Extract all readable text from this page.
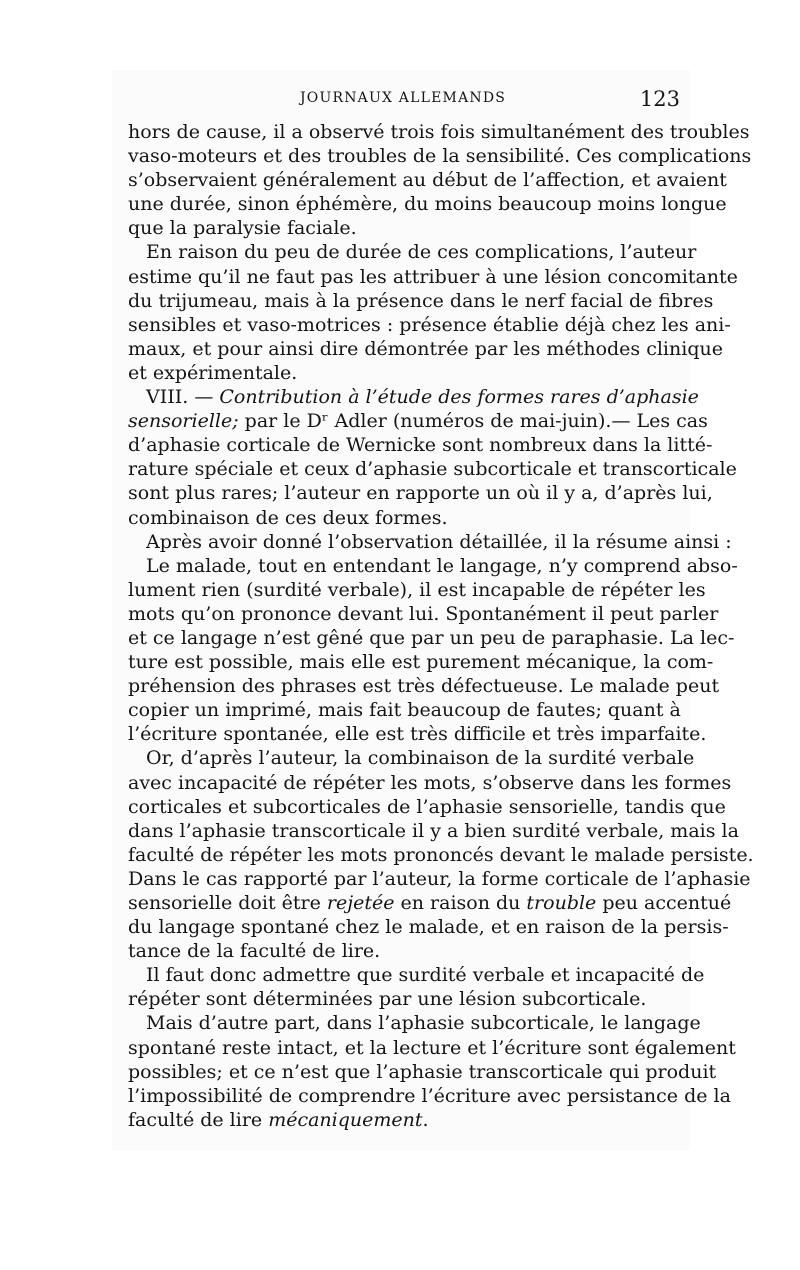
JOURNAUX ALLEMANDS	123
hors de cause, il a observé trois fois simultanément des troubles
vaso-moteurs et des troubles de la sensibilité. Ces complications
s’observaient généralement au début de l’affection, et avaient
une durée, sinon éphémère, du moins beaucoup moins longue
que la paralysie faciale.
En raison du peu de durée de ces complications, l’auteur
estime qu’il ne faut pas les attribuer à une lésion concomitante
du trijumeau, mais à la présence dans le nerf facial de fibres
sensibles et vaso-motrices : présence établie déjà chez les ani-
maux, et pour ainsi dire démontrée par les méthodes clinique
et expérimentale.
VIII. — Contribution à l’étude des formes rares d’aphasie
sensorielle; par le Dʳ Adler (numéros de mai-juin).— Les cas
d’aphasie corticale de Wernicke sont nombreux dans la litté-
rature spéciale et ceux d’aphasie subcorticale et transcorticale
sont plus rares; l’auteur en rapporte un où il y a, d’après lui,
combinaison de ces deux formes.
Après avoir donné l’observation détaillée, il la résume ainsi :
Le malade, tout en entendant le langage, n’y comprend abso-
lument rien (surdité verbale), il est incapable de répéter les
mots qu’on prononce devant lui. Spontanément il peut parler
et ce langage n’est gêné que par un peu de paraphasie. La lec-
ture est possible, mais elle est purement mécanique, la com-
préhension des phrases est très défectueuse. Le malade peut
copier un imprimé, mais fait beaucoup de fautes; quant à
l’écriture spontanée, elle est très difficile et très imparfaite.
Or, d’après l’auteur, la combinaison de la surdité verbale
avec incapacité de répéter les mots, s’observe dans les formes
corticales et subcorticales de l’aphasie sensorielle, tandis que
dans l’aphasie transcorticale il y a bien surdité verbale, mais la
faculté de répéter les mots prononcés devant le malade persiste.
Dans le cas rapporté par l’auteur, la forme corticale de l’aphasie
sensorielle doit être rejetée en raison du trouble peu accentué
du langage spontané chez le malade, et en raison de la persis-
tance de la faculté de lire.
Il faut donc admettre que surdité verbale et incapacité de
répéter sont déterminées par une lésion subcorticale.
Mais d’autre part, dans l’aphasie subcorticale, le langage
spontané reste intact, et la lecture et l’écriture sont également
possibles; et ce n’est que l’aphasie transcorticale qui produit
l’impossibilité de comprendre l’écriture avec persistance de la
faculté de lire mécaniquement.
